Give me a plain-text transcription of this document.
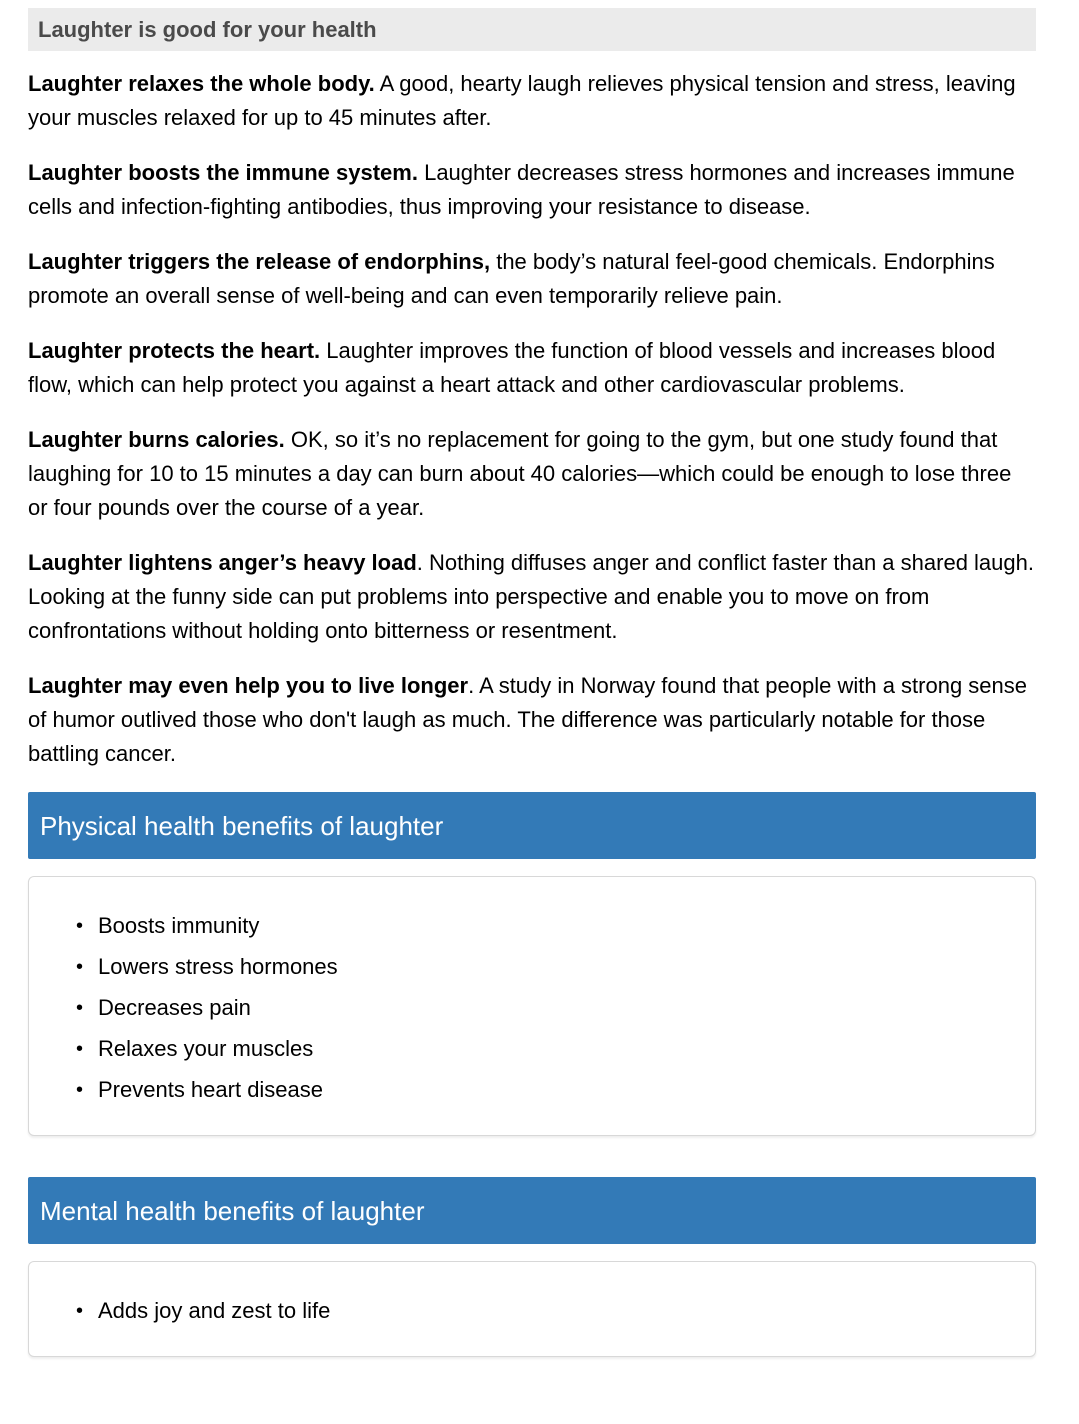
Laughter is good for your health

Laughter relaxes the whole body. A good, hearty laugh relieves physical tension and stress, leaving your muscles relaxed for up to 45 minutes after.

Laughter boosts the immune system. Laughter decreases stress hormones and increases immune cells and infection-fighting antibodies, thus improving your resistance to disease.

Laughter triggers the release of endorphins, the body’s natural feel-good chemicals. Endorphins promote an overall sense of well-being and can even temporarily relieve pain.

Laughter protects the heart. Laughter improves the function of blood vessels and increases blood flow, which can help protect you against a heart attack and other cardiovascular problems.

Laughter burns calories. OK, so it’s no replacement for going to the gym, but one study found that laughing for 10 to 15 minutes a day can burn about 40 calories—which could be enough to lose three or four pounds over the course of a year.

Laughter lightens anger’s heavy load. Nothing diffuses anger and conflict faster than a shared laugh. Looking at the funny side can put problems into perspective and enable you to move on from confrontations without holding onto bitterness or resentment.

Laughter may even help you to live longer. A study in Norway found that people with a strong sense of humor outlived those who don't laugh as much. The difference was particularly notable for those battling cancer.

Physical health benefits of laughter
• Boosts immunity
• Lowers stress hormones
• Decreases pain
• Relaxes your muscles
• Prevents heart disease
Mental health benefits of laughter
• Adds joy and zest to life
